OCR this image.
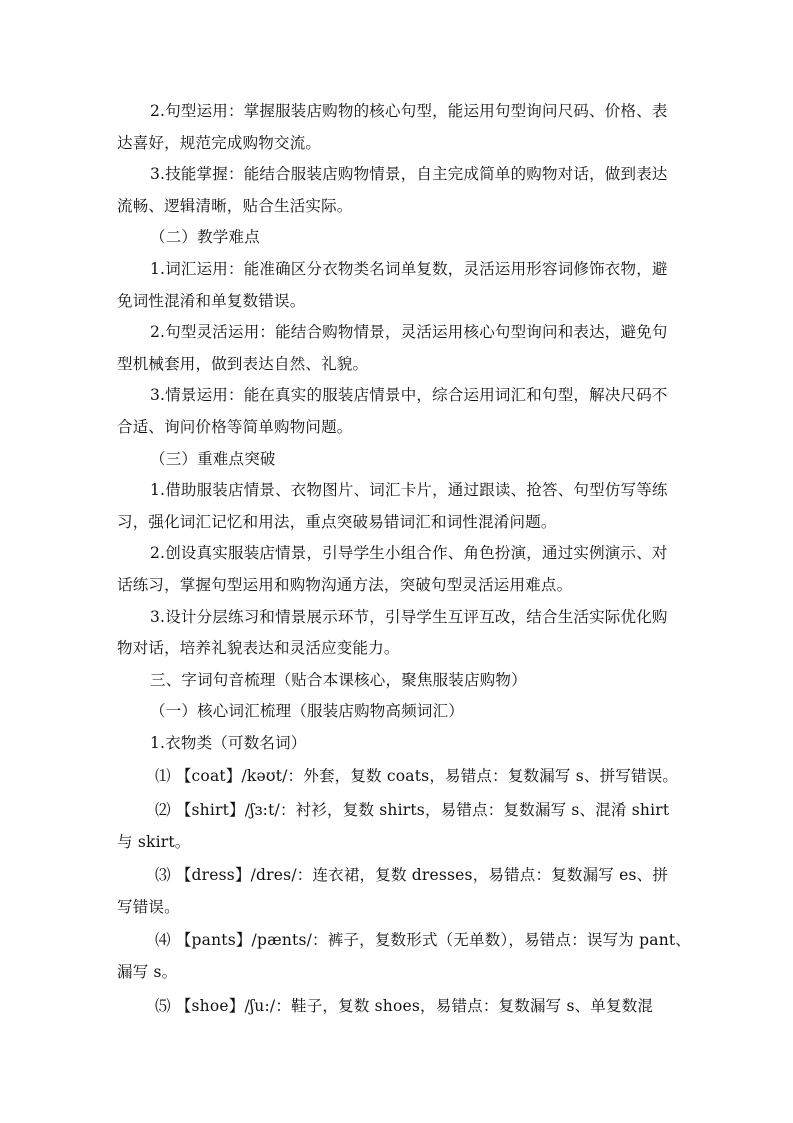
2.句型运用：掌握服装店购物的核心句型，能运用句型询问尺码、价格、表
达喜好，规范完成购物交流。
3.技能掌握：能结合服装店购物情景，自主完成简单的购物对话，做到表达
流畅、逻辑清晰，贴合生活实际。
（二）教学难点
1.词汇运用：能准确区分衣物类名词单复数，灵活运用形容词修饰衣物，避
免词性混淆和单复数错误。
2.句型灵活运用：能结合购物情景，灵活运用核心句型询问和表达，避免句
型机械套用，做到表达自然、礼貌。
3.情景运用：能在真实的服装店情景中，综合运用词汇和句型，解决尺码不
合适、询问价格等简单购物问题。
（三）重难点突破
1.借助服装店情景、衣物图片、词汇卡片，通过跟读、抢答、句型仿写等练
习，强化词汇记忆和用法，重点突破易错词汇和词性混淆问题。
2.创设真实服装店情景，引导学生小组合作、角色扮演，通过实例演示、对
话练习，掌握句型运用和购物沟通方法，突破句型灵活运用难点。
3.设计分层练习和情景展示环节，引导学生互评互改，结合生活实际优化购
物对话，培养礼貌表达和灵活应变能力。
三、字词句音梳理（贴合本课核心，聚焦服装店购物）
（一）核心词汇梳理（服装店购物高频词汇）
1.衣物类（可数名词）
⑴ 【coat】/kəʊt/：外套，复数 coats，易错点：复数漏写 s、拼写错误。
⑵ 【shirt】/ʃɜ:t/：衬衫，复数 shirts，易错点：复数漏写 s、混淆 shirt
与 skirt。
⑶ 【dress】/dres/：连衣裙，复数 dresses，易错点：复数漏写 es、拼
写错误。
⑷ 【pants】/pænts/：裤子，复数形式（无单数），易错点：误写为 pant、
漏写 s。
⑸ 【shoe】/ʃu:/：鞋子，复数 shoes，易错点：复数漏写 s、单复数混
